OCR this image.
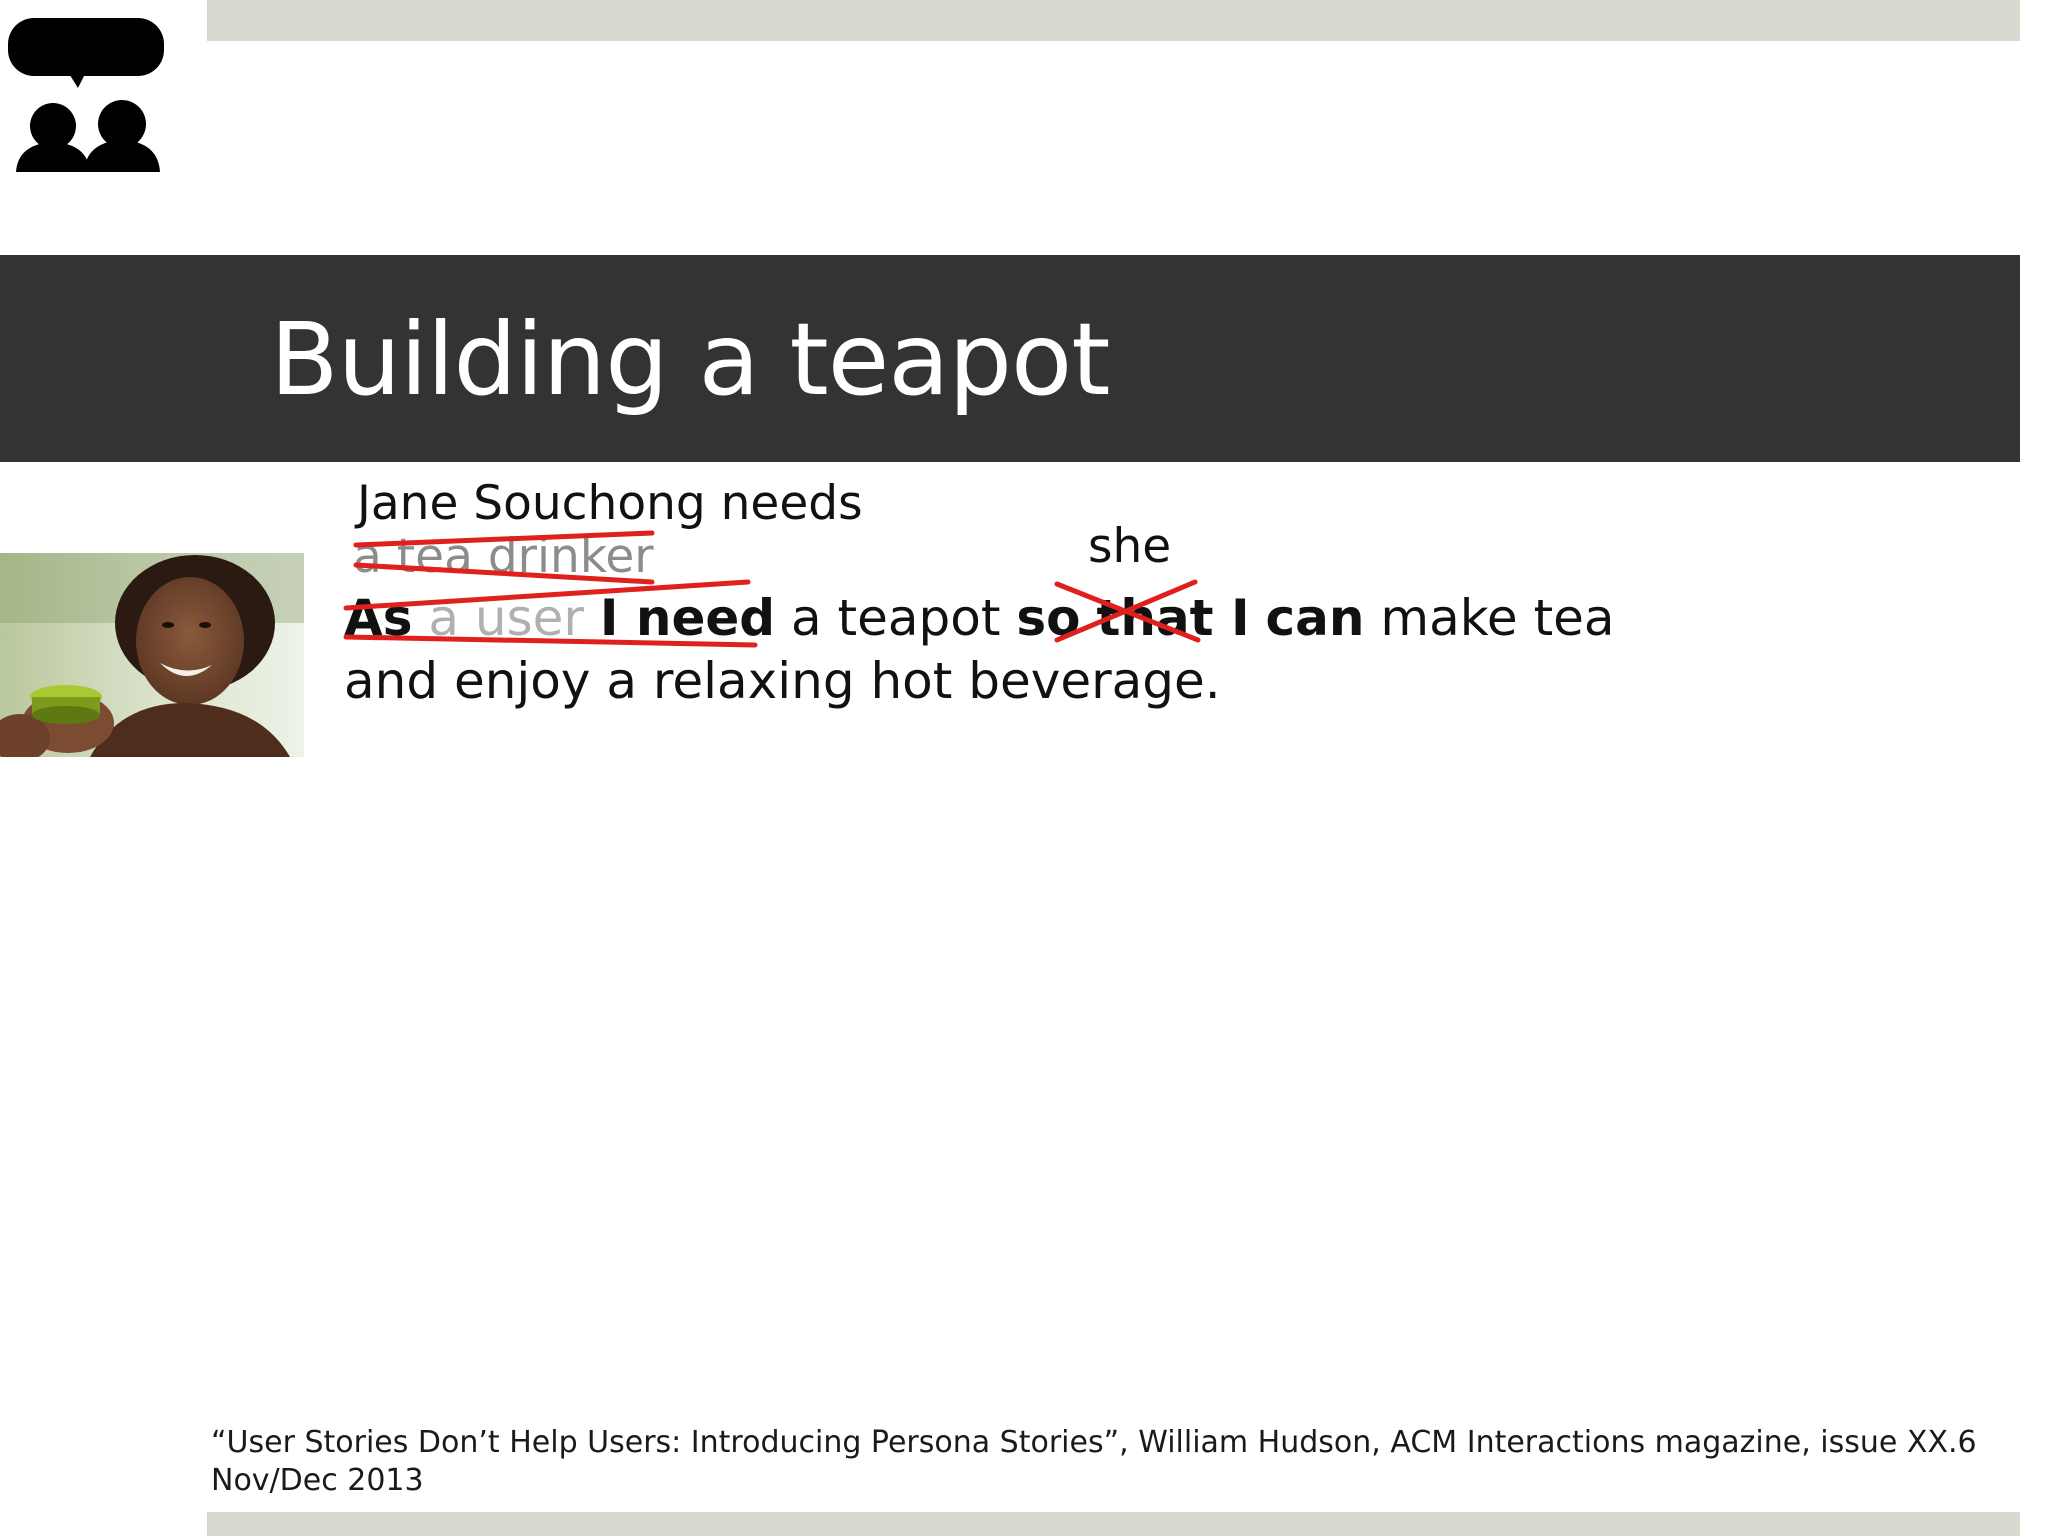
Building a teapot

Jane Souchong needs

a tea drinker	she

As a user I need a teapot so that I can make tea
and enjoy a relaxing hot beverage.

“User Stories Don’t Help Users: Introducing Persona Stories”, William Hudson, ACM Interactions magazine, issue XX.6
Nov/Dec 2013
